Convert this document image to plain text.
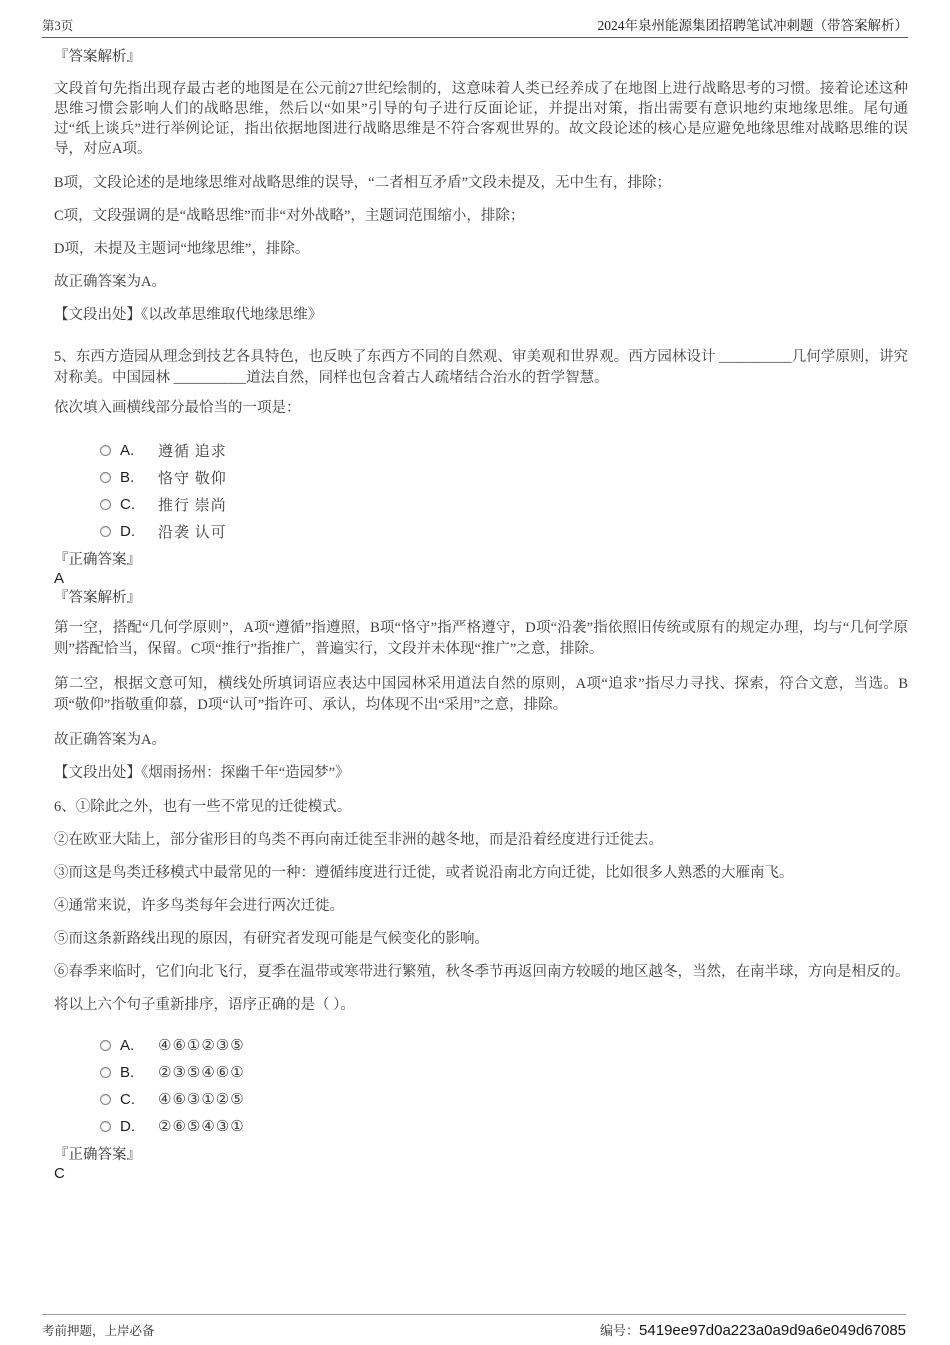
第3页	2024年泉州能源集团招聘笔试冲刺题（带答案解析）

『答案解析』

文段首句先指出现存最古老的地图是在公元前27世纪绘制的，这意味着人类已经养成了在地图上进行战略思考的习惯。接着论述这种思维习惯会影响人们的战略思维，然后以“如果”引导的句子进行反面论证，并提出对策，指出需要有意识地约束地缘思维。尾句通过“纸上谈兵”进行举例论证，指出依据地图进行战略思维是不符合客观世界的。故文段论述的核心是应避免地缘思维对战略思维的误导，对应A项。

B项，文段论述的是地缘思维对战略思维的误导，“二者相互矛盾”文段未提及，无中生有，排除；

C项，文段强调的是“战略思维”而非“对外战略”，主题词范围缩小，排除；

D项，未提及主题词“地缘思维”，排除。

故正确答案为A。

【文段出处】《以改革思维取代地缘思维》

5、东西方造园从理念到技艺各具特色，也反映了东西方不同的自然观、审美观和世界观。西方园林设计 __________几何学原则，讲究对称美。中国园林 __________道法自然，同样也包含着古人疏堵结合治水的哲学智慧。

依次填入画横线部分最恰当的一项是：

A.	遵循 追求
B.	恪守 敬仰
C.	推行 崇尚
D.	沿袭 认可

『正确答案』

A

『答案解析』

第一空，搭配“几何学原则”，A项“遵循”指遵照，B项“恪守”指严格遵守，D项“沿袭”指依照旧传统或原有的规定办理，均与“几何学原则”搭配恰当，保留。C项“推行”指推广，普遍实行，文段并未体现“推广”之意，排除。

第二空，根据文意可知，横线处所填词语应表达中国园林采用道法自然的原则，A项“追求”指尽力寻找、探索，符合文意，当选。B项“敬仰”指敬重仰慕，D项“认可”指许可、承认，均体现不出“采用”之意，排除。

故正确答案为A。

【文段出处】《烟雨扬州：探幽千年“造园梦”》

6、①除此之外，也有一些不常见的迁徙模式。

②在欧亚大陆上，部分雀形目的鸟类不再向南迁徙至非洲的越冬地，而是沿着经度进行迁徙去。

③而这是鸟类迁移模式中最常见的一种：遵循纬度进行迁徙，或者说沿南北方向迁徙，比如很多人熟悉的大雁南飞。

④通常来说，许多鸟类每年会进行两次迁徙。

⑤而这条新路线出现的原因，有研究者发现可能是气候变化的影响。

⑥春季来临时，它们向北飞行，夏季在温带或寒带进行繁殖，秋冬季节再返回南方较暖的地区越冬，当然，在南半球，方向是相反的。

将以上六个句子重新排序，语序正确的是（ ）。

A.	④⑥①②③⑤
B.	②③⑤④⑥①
C.	④⑥③①②⑤
D.	②⑥⑤④③①

『正确答案』

C

考前押题，上岸必备	编号：5419ee97d0a223a0a9d9a6e049d67085
